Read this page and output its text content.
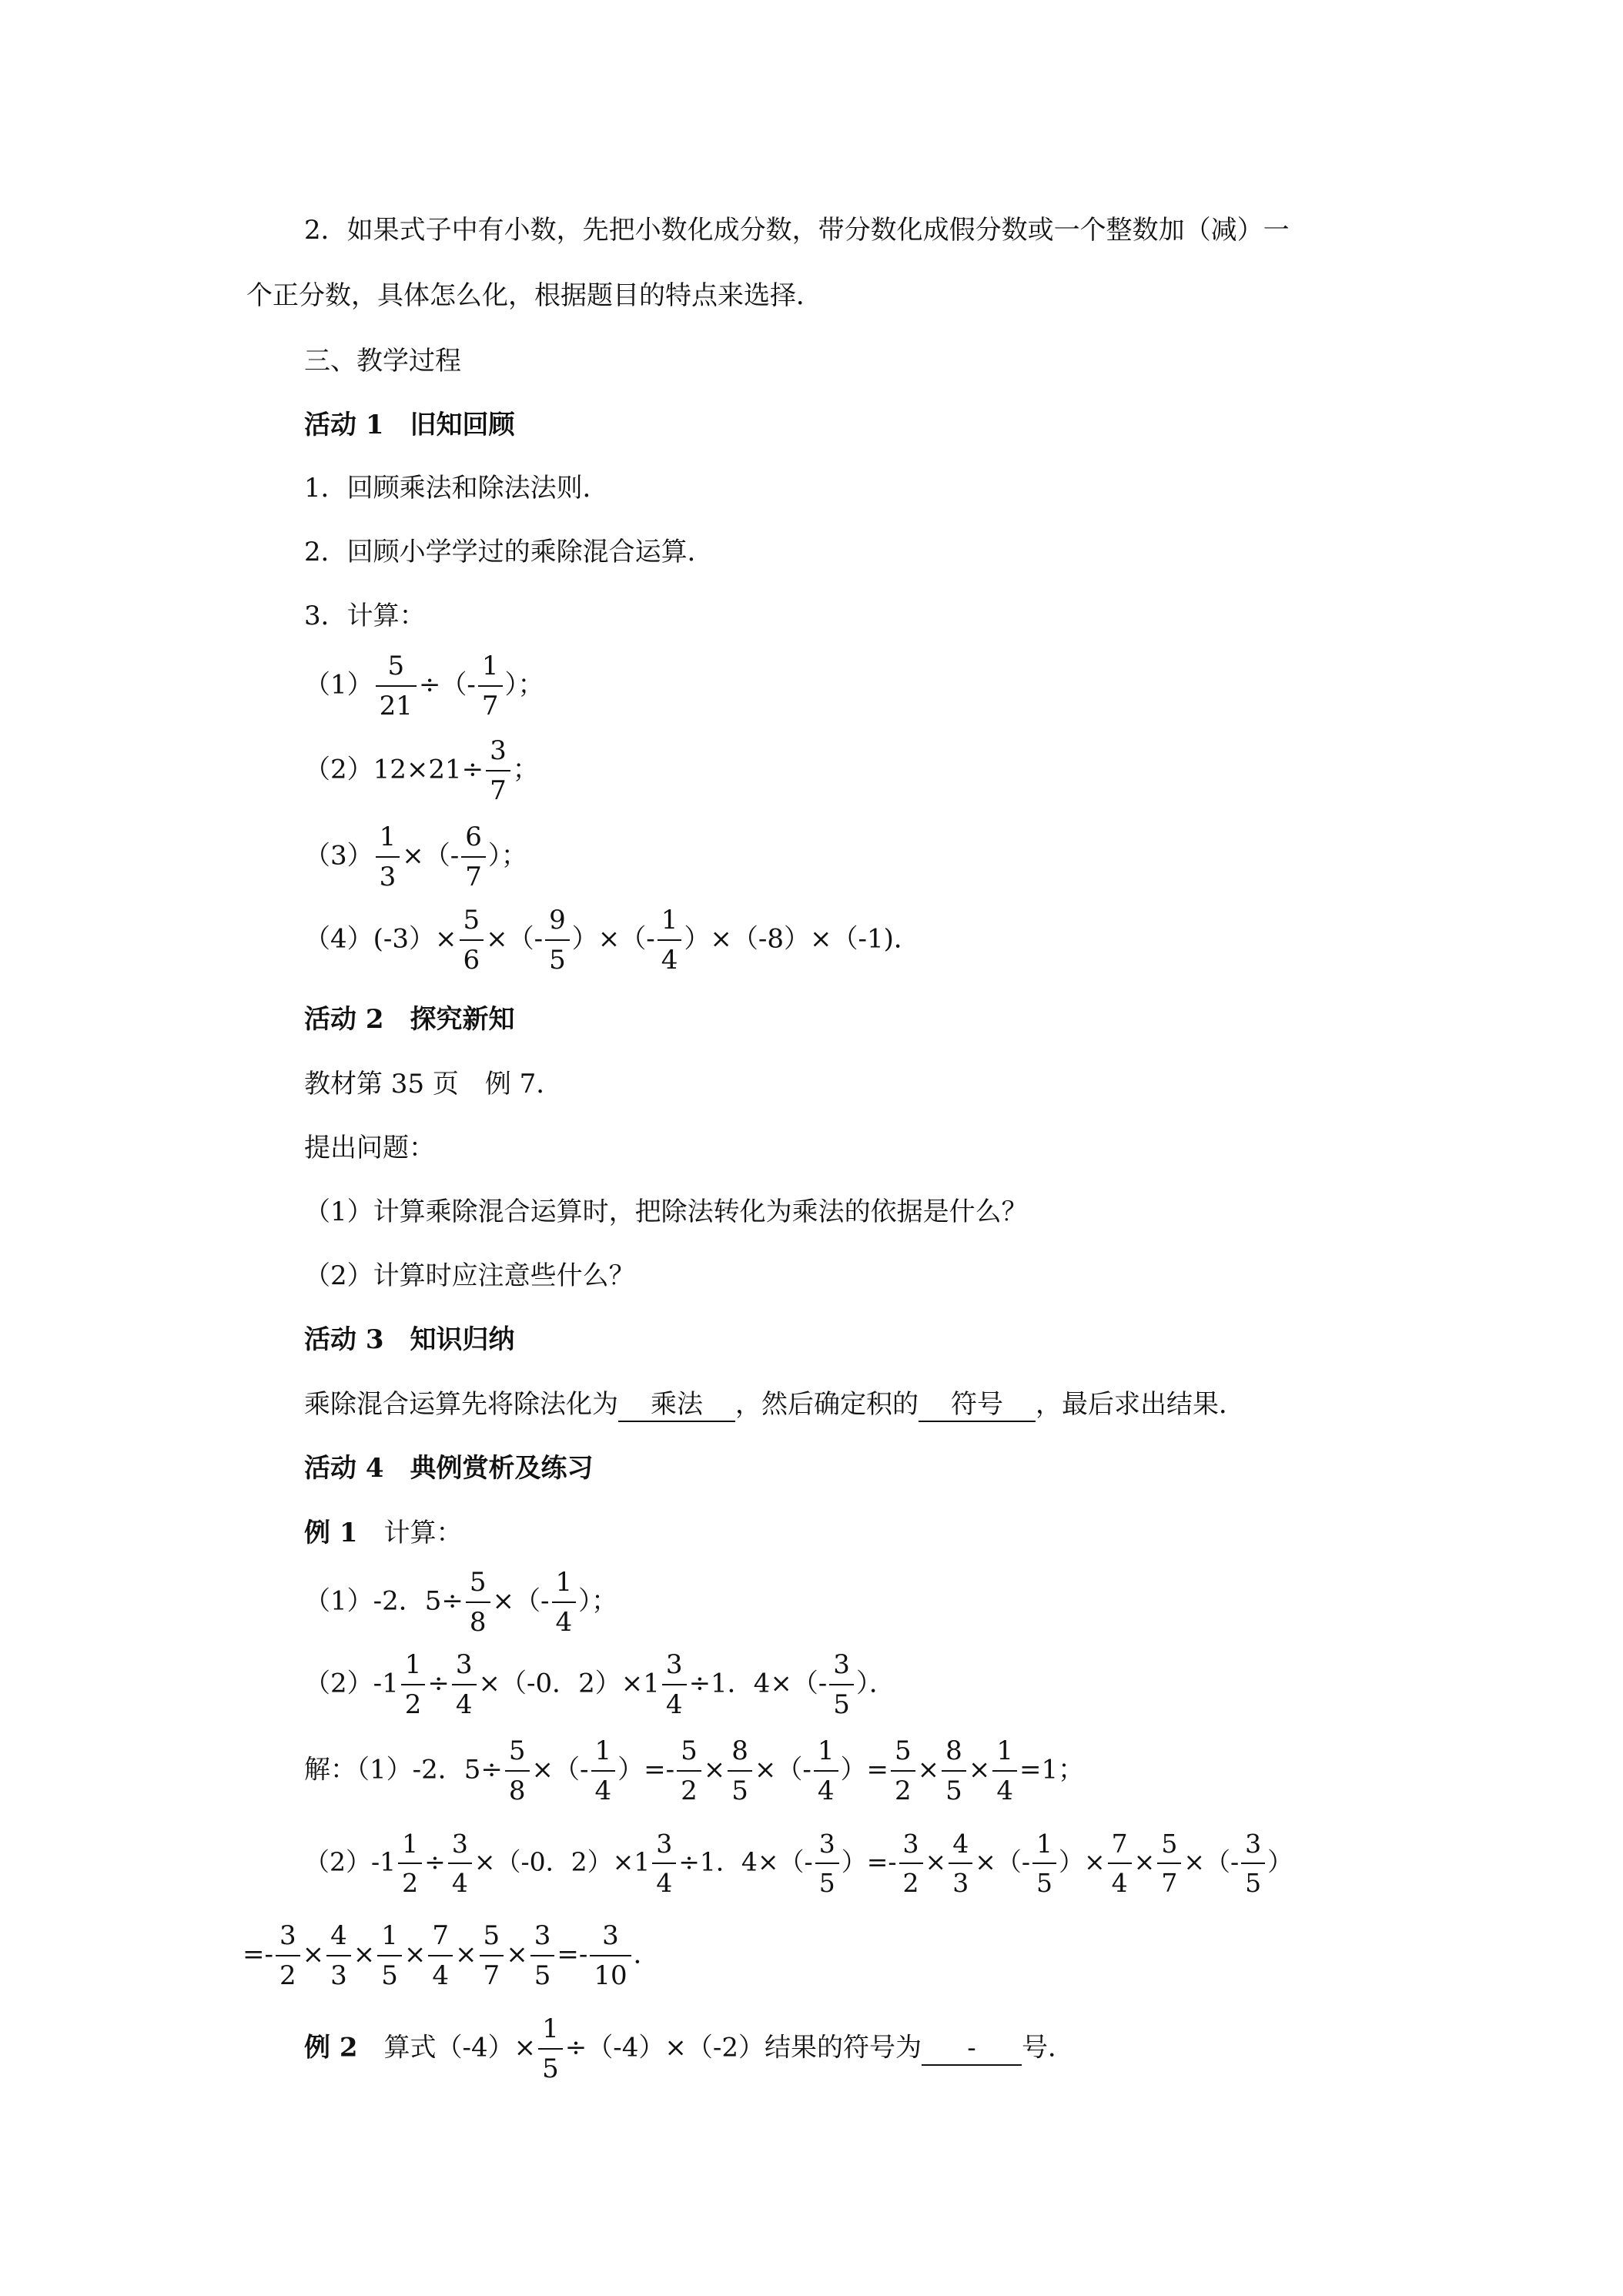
2．如果式子中有小数，先把小数化成分数，带分数化成假分数或一个整数加（减）一
个正分数，具体怎么化，根据题目的特点来选择．
三、教学过程
活动 1　旧知回顾
1．回顾乘法和除法法则．
2．回顾小学学过的乘除混合运算．
3．计算：
$(1) \frac{5}{21}$ ÷（- $\frac{1}{7}$ ）；
$(2)12\times 21\div \frac{3}{7}$ ；
$(3) \frac{1}{3}$ ×（- $\frac{6}{7}$ ）；
$(4)(-3)\times \frac{5}{6}$ ×（- $\frac{9}{5}$ ）×（- $\frac{1}{4} )\times(-8)\times(-1)$．
活动 2　探究新知
教材第 35 页　例 7．
提出问题：
（1）计算乘除混合运算时，把除法转化为乘法的依据是什么？
（2）计算时应注意些什么？
活动 3　知识归纳
乘除混合运算先将除法化为 乘法 ，然后确定积的 符号 ，最后求出结果．
活动 4　典例赏析及练习
例 1　计算：
（1）-2．$5\div \frac{5}{8}$ ×（- $\frac{1}{4}$ ）；
$(2)-1 \frac{1}{2} \div \frac{3}{4} \times(-0$．$2)\times 1 \frac{3}{4} \div 1$．$4\times(- \frac{3}{5}$ ）．
解：（1）-2．$5\div \frac{5}{8}$ ×（- $\frac{1}{4}$ ）=- $\frac{5}{2} \times \frac{8}{5}$ ×（- $\frac{1}{4}$ ）= $\frac{5}{2} \times \frac{8}{5} \times \frac{1}{4} =1$；
$(2)-1 \frac{1}{2} \div \frac{3}{4} \times(-0$．$2)\times 1 \frac{3}{4} \div 1$．$4\times(- \frac{3}{5}$ ）=- $\frac{3}{2} \times \frac{4}{3}$ ×（- $\frac{1}{5}$ ）× $\frac{7}{4} \times \frac{5}{7}$ ×（- $\frac{3}{5}$ ）
=- $\frac{3}{2} \times \frac{4}{3} \times \frac{1}{5} \times \frac{7}{4} \times \frac{5}{7} \times \frac{3}{5} =- \frac{3}{10}$ ．
例 2　算式$(-4)\times \frac{1}{5} \div(-4)\times(-2)$结果的符号为 - 号．
